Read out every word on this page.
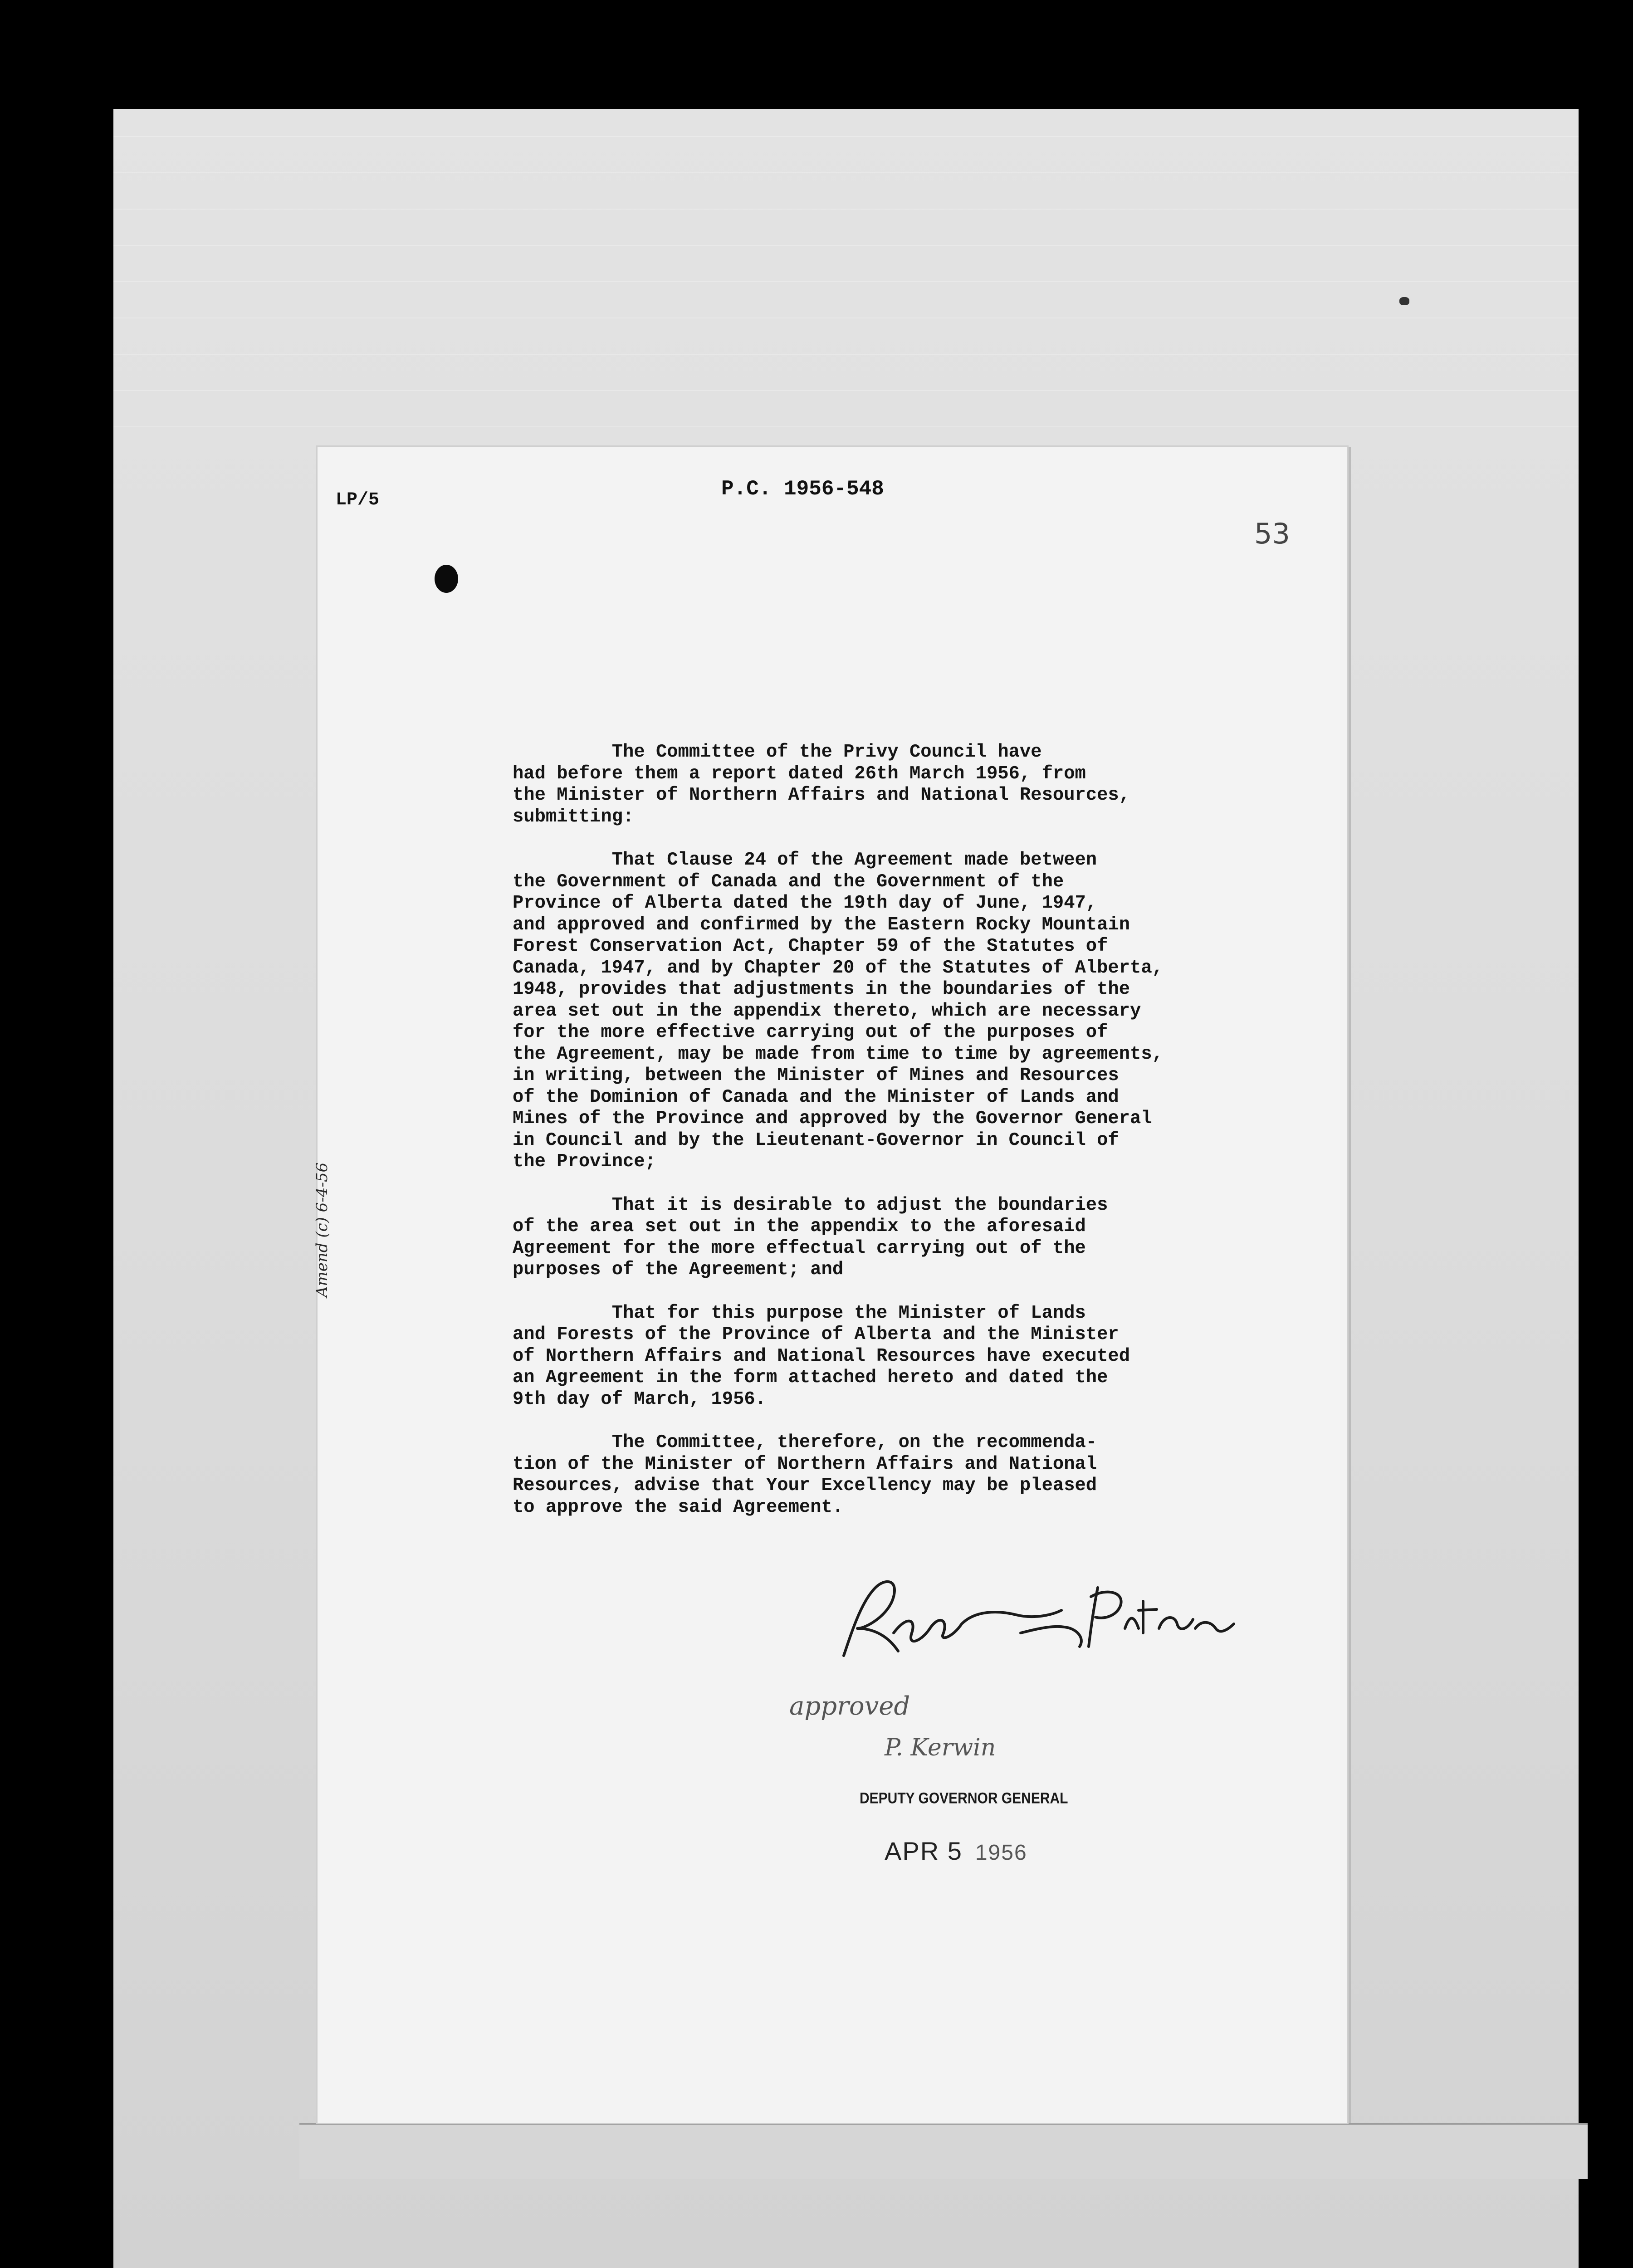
LP/5	P.C. 1956-548
53

The Committee of the Privy Council have
had before them a report dated 26th March 1956, from
the Minister of Northern Affairs and National Resources,
submitting:

That Clause 24 of the Agreement made between
the Government of Canada and the Government of the
Province of Alberta dated the 19th day of June, 1947,
and approved and confirmed by the Eastern Rocky Mountain
Forest Conservation Act, Chapter 59 of the Statutes of
Canada, 1947, and by Chapter 20 of the Statutes of Alberta,
1948, provides that adjustments in the boundaries of the
area set out in the appendix thereto, which are necessary
for the more effective carrying out of the purposes of
the Agreement, may be made from time to time by agreements,
in writing, between the Minister of Mines and Resources
of the Dominion of Canada and the Minister of Lands and
Mines of the Province and approved by the Governor General
in Council and by the Lieutenant-Governor in Council of
the Province;

That it is desirable to adjust the boundaries
of the area set out in the appendix to the aforesaid
Agreement for the more effectual carrying out of the
purposes of the Agreement; and

That for this purpose the Minister of Lands
and Forests of the Province of Alberta and the Minister
of Northern Affairs and National Resources have executed
an Agreement in the form attached hereto and dated the
9th day of March, 1956.

The Committee, therefore, on the recommenda-
tion of the Minister of Northern Affairs and National
Resources, advise that Your Excellency may be pleased
to approve the said Agreement.

Amend (c) 6-4-56
Robertson Kinter
approved
P. Kerwin
DEPUTY GOVERNOR GENERAL
APR 5 1956
